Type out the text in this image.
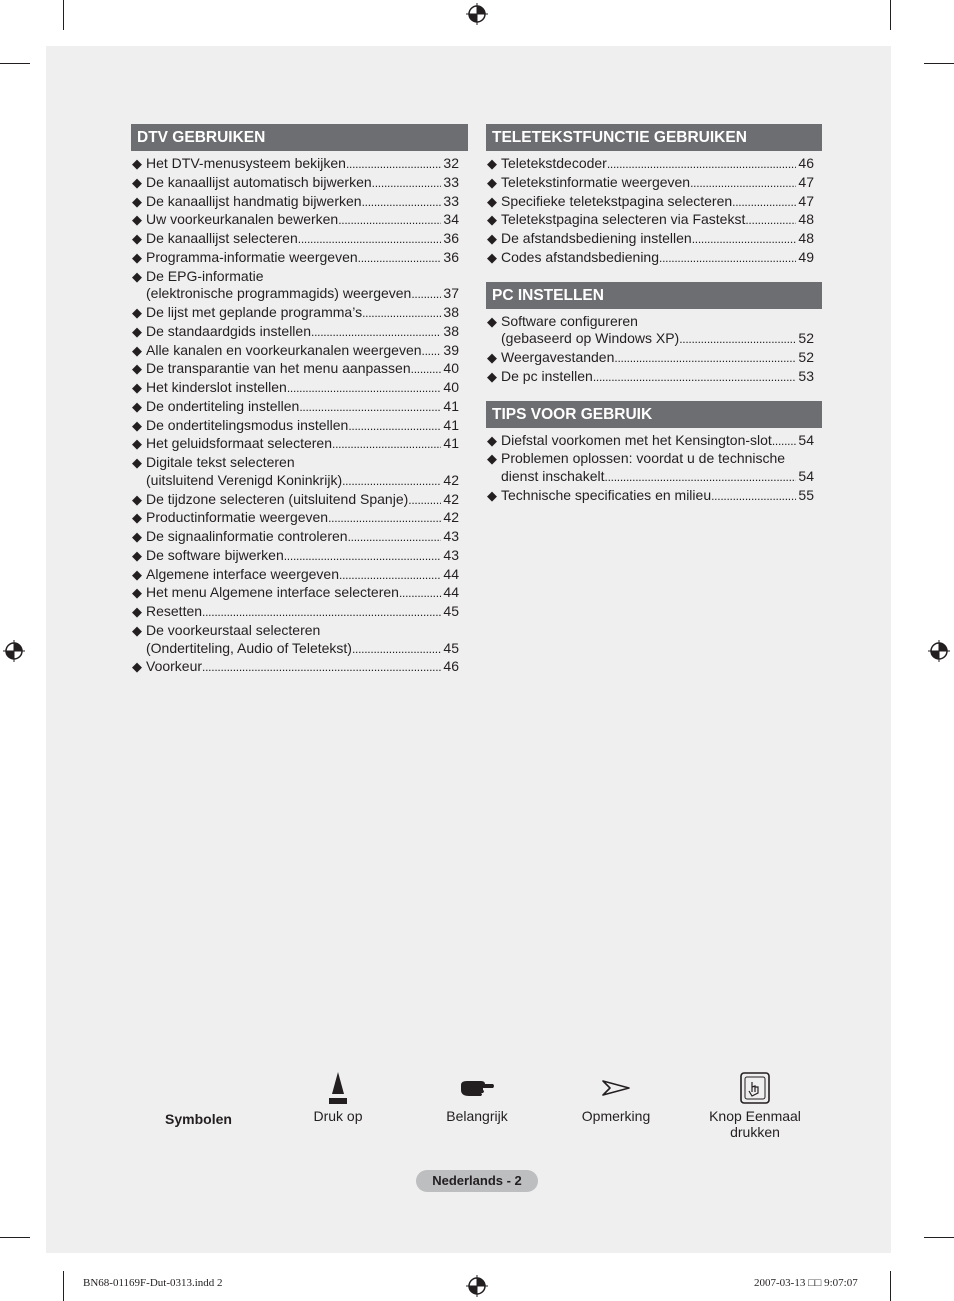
DTV GEBRUIKEN
◆ Het DTV-menusysteem bekijken . . .	32
◆ De kanaallijst automatisch bijwerken . . .	33
◆ De kanaallijst handmatig bijwerken . . .	33
◆ Uw voorkeurkanalen bewerken . . .	34
◆ De kanaallijst selecteren . . .	36
◆ Programma-informatie weergeven . . .	36
◆ De EPG-informatie
(elektronische programmagids) weergeven . . . 37
◆ De lijst met geplande programma’s . . .	38
◆ De standaardgids instellen . . .	38
◆ Alle kanalen en voorkeurkanalen weergeven . . . 39
◆ De transparantie van het menu aanpassen . . . 40
◆ Het kinderslot instellen . . .	40
◆ De ondertiteling instellen . . .	41
◆ De ondertitelingsmodus instellen . . .	41
◆ Het geluidsformaat selecteren . . .	41
◆ Digitale tekst selecteren
(uitsluitend Verenigd Koninkrijk) . . .	42
◆ De tijdzone selecteren (uitsluitend Spanje) . . .	42
◆ Productinformatie weergeven . . .	42
◆ De signaalinformatie controleren . . .	43
◆ De software bijwerken . . .	43
◆ Algemene interface weergeven . . .	44
◆ Het menu Algemene interface selecteren . . .	44
◆ Resetten . . .	45
◆ De voorkeurstaal selecteren
(Ondertiteling, Audio of Teletekst) . . .	45
◆ Voorkeur . . .	46
TELETEKSTFUNCTIE GEBRUIKEN
◆ Teletekstdecoder . . .	46
◆ Teletekstinformatie weergeven . . .	47
◆ Specifieke teletekstpagina selecteren . . .	47
◆ Teletekstpagina selecteren via Fastekst . . .	48
◆ De afstandsbediening instellen . . .	48
◆ Codes afstandsbediening . . .	49
PC INSTELLEN
◆ Software configureren
(gebaseerd op Windows XP) . . .	52
◆ Weergavestanden . . .	52
◆ De pc instellen . . .	53
TIPS VOOR GEBRUIK
◆ Diefstal voorkomen met het Kensington-slot . . . 54
◆ Problemen oplossen: voordat u de technische
dienst inschakelt . . .	54
◆ Technische specificaties en milieu . . .	55
Symbolen	Druk op	Belangrijk	Opmerking	Knop Eenmaal drukken
Nederlands - 2
BN68-01169F-Dut-0313.indd 2	2007-03-13 □□ 9:07:07
